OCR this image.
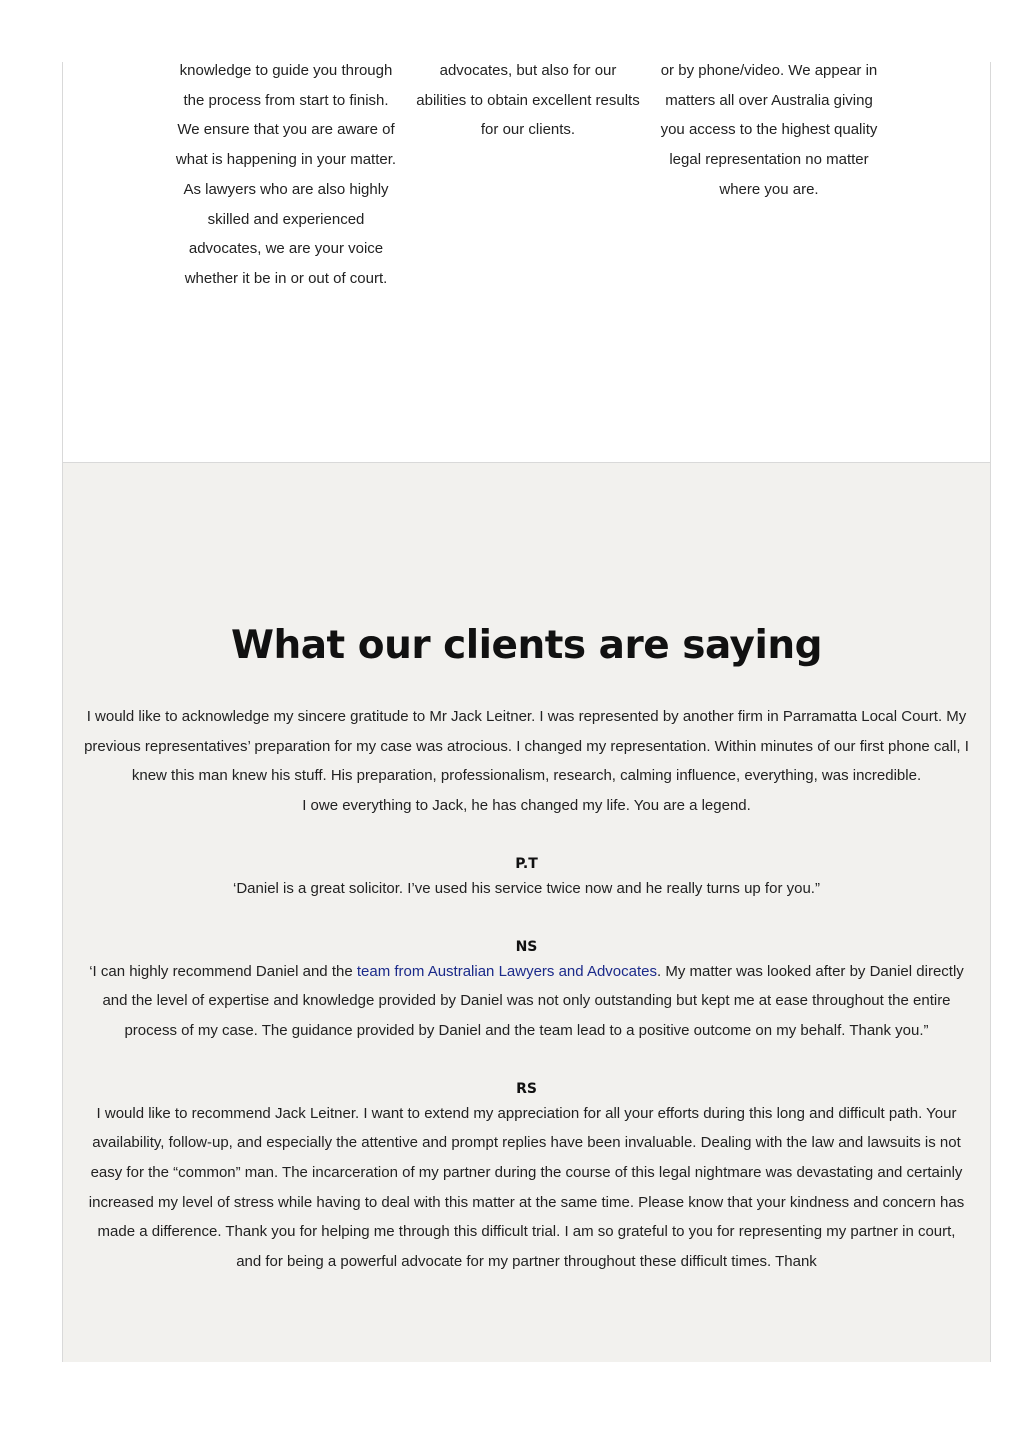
knowledge to guide you through

the process from start to finish.

We ensure that you are aware of

what is happening in your matter.

As lawyers who are also highly

skilled and experienced

advocates, we are your voice

whether it be in or out of court.

advocates, but also for our

abilities to obtain excellent results

for our clients.

or by phone/video. We appear in

matters all over Australia giving

you access to the highest quality

legal representation no matter

where you are.

What our clients are saying

I would like to acknowledge my sincere gratitude to Mr Jack Leitner. I was represented by another firm in Parramatta Local Court. My previous representatives’ preparation for my case was atrocious. I changed my representation. Within minutes of our first phone call, I knew this man knew his stuff. His preparation, professionalism, research, calming influence, everything, was incredible.

I owe everything to Jack, he has changed my life. You are a legend.

P.T

‘Daniel is a great solicitor. I’ve used his service twice now and he really turns up for you.”

NS

‘I can highly recommend Daniel and the team from Australian Lawyers and Advocates. My matter was looked after by Daniel directly and the level of expertise and knowledge provided by Daniel was not only outstanding but kept me at ease throughout the entire process of my case. The guidance provided by Daniel and the team lead to a positive outcome on my behalf. Thank you.”

RS

I would like to recommend Jack Leitner. I want to extend my appreciation for all your efforts during this long and difficult path. Your availability, follow-up, and especially the attentive and prompt replies have been invaluable. Dealing with the law and lawsuits is not easy for the “common” man. The incarceration of my partner during the course of this legal nightmare was devastating and certainly increased my level of stress while having to deal with this matter at the same time. Please know that your kindness and concern has made a difference. Thank you for helping me through this difficult trial. I am so grateful to you for representing my partner in court, and for being a powerful advocate for my partner throughout these difficult times. Thank
